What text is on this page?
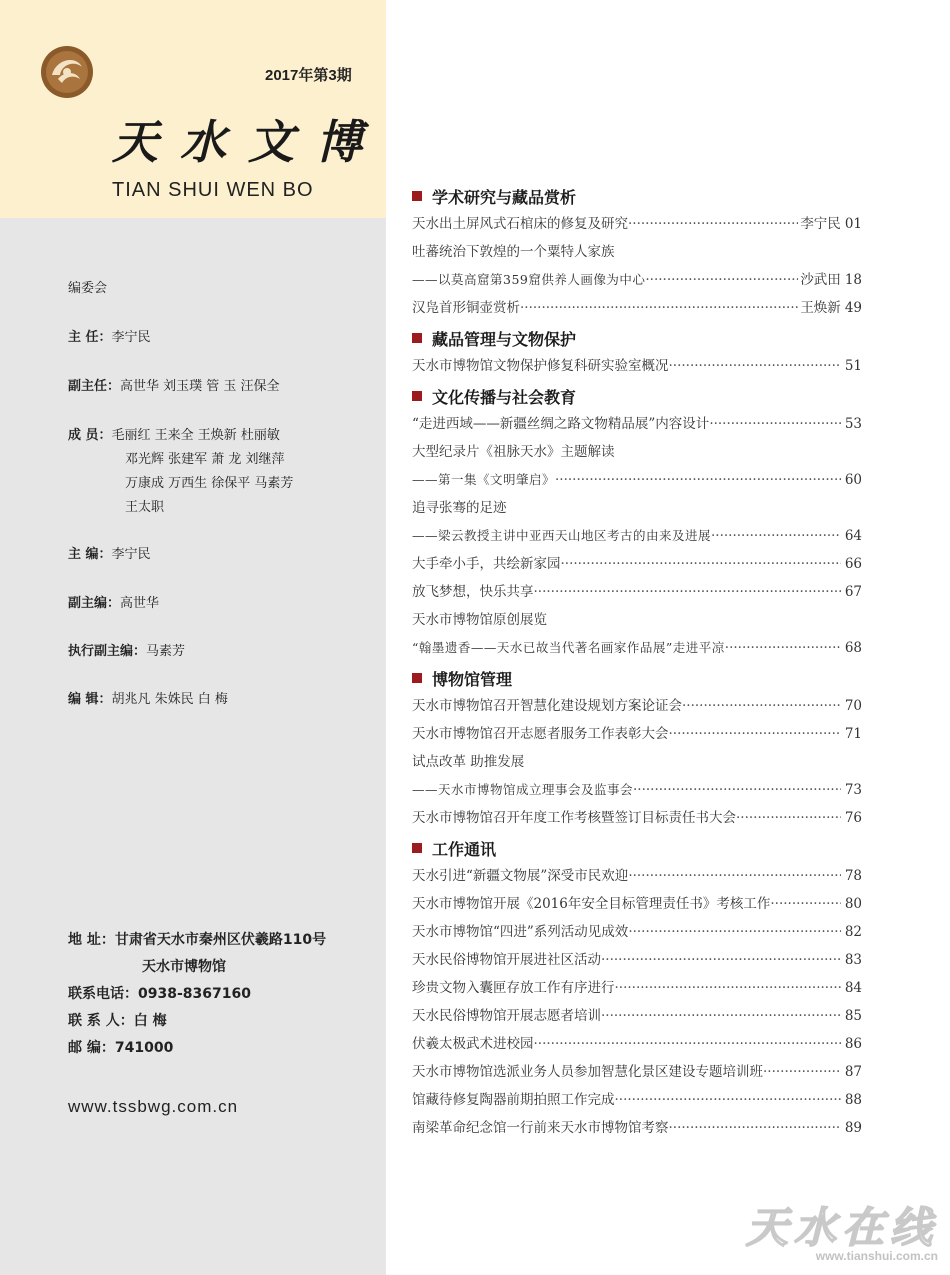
2017年第3期
天水文博
TIAN SHUI WEN BO
编委会
主 任：李宁民
副主任：高世华 刘玉璞 管 玉 汪保全
成 员：毛丽红 王来全 王焕新 杜丽敏
邓光辉 张建军 萧 龙 刘继萍
万康成 万西生 徐保平 马素芳
王太职
主 编：李宁民
副主编：高世华
执行副主编：马素芳
编 辑：胡兆凡 朱姝民 白 梅
地 址：甘肃省天水市秦州区伏羲路110号
天水市博物馆
联系电话：0938-8367160
联 系 人：白 梅
邮 编：741000
www.tssbwg.com.cn
学术研究与藏品赏析
天水出土屏风式石棺床的修复及研究 ·····	李宁民 01
吐蕃统治下敦煌的一个粟特人家族
——以莫高窟第359窟供养人画像为中心 ·····	沙武田 18
汉凫首形铜壶赏析 ·····	王焕新 49
藏品管理与文物保护
天水市博物馆文物保护修复科研实验室概况 ·····	51
文化传播与社会教育
“走进西域——新疆丝绸之路文物精品展”内容设计 ·····	53
大型纪录片《祖脉天水》主题解读
——第一集《文明肇启》 ·····	60
追寻张骞的足迹
——梁云教授主讲中亚西天山地区考古的由来及进展 ·····	64
大手牵小手，共绘新家园 ·····	66
放飞梦想，快乐共享 ·····	67
天水市博物馆原创展览
“翰墨遗香——天水已故当代著名画家作品展”走进平凉 ·····	68
博物馆管理
天水市博物馆召开智慧化建设规划方案论证会 ·····	70
天水市博物馆召开志愿者服务工作表彰大会 ·····	71
试点改革 助推发展
——天水市博物馆成立理事会及监事会 ·····	73
天水市博物馆召开年度工作考核暨签订目标责任书大会 ·····	76
工作通讯
天水引进“新疆文物展”深受市民欢迎 ·····	78
天水市博物馆开展《2016年安全目标管理责任书》考核工作 ·····	80
天水市博物馆“四进”系列活动见成效 ·····	82
天水民俗博物馆开展进社区活动 ·····	83
珍贵文物入囊匣存放工作有序进行 ·····	84
天水民俗博物馆开展志愿者培训 ·····	85
伏羲太极武术进校园 ·····	86
天水市博物馆选派业务人员参加智慧化景区建设专题培训班 ·····	87
馆藏待修复陶器前期拍照工作完成 ·····	88
南梁革命纪念馆一行前来天水市博物馆考察 ·····	89
天水在线
www.tianshui.com.cn
